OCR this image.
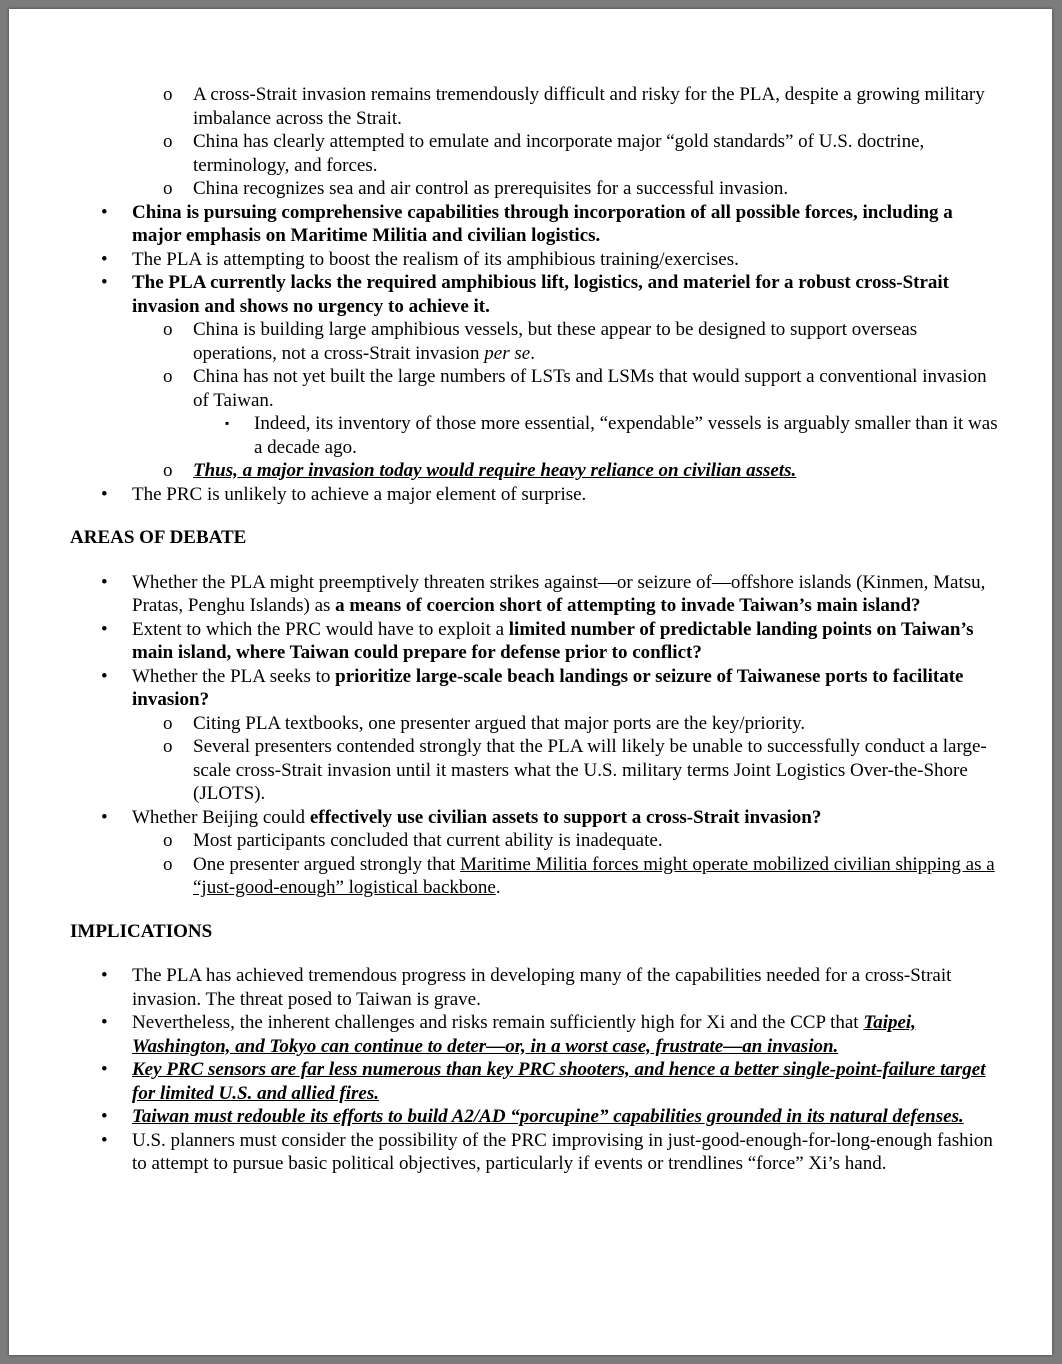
o A cross-Strait invasion remains tremendously difficult and risky for the PLA, despite a growing military imbalance across the Strait.
o China has clearly attempted to emulate and incorporate major “gold standards” of U.S. doctrine, terminology, and forces.
o China recognizes sea and air control as prerequisites for a successful invasion.
• China is pursuing comprehensive capabilities through incorporation of all possible forces, including a major emphasis on Maritime Militia and civilian logistics.
• The PLA is attempting to boost the realism of its amphibious training/exercises.
• The PLA currently lacks the required amphibious lift, logistics, and materiel for a robust cross-Strait invasion and shows no urgency to achieve it.
o China is building large amphibious vessels, but these appear to be designed to support overseas operations, not a cross-Strait invasion per se.
o China has not yet built the large numbers of LSTs and LSMs that would support a conventional invasion of Taiwan.
▪ Indeed, its inventory of those more essential, “expendable” vessels is arguably smaller than it was a decade ago.
o Thus, a major invasion today would require heavy reliance on civilian assets.
• The PRC is unlikely to achieve a major element of surprise.
AREAS OF DEBATE
• Whether the PLA might preemptively threaten strikes against—or seizure of—offshore islands (Kinmen, Matsu, Pratas, Penghu Islands) as a means of coercion short of attempting to invade Taiwan’s main island?
• Extent to which the PRC would have to exploit a limited number of predictable landing points on Taiwan’s main island, where Taiwan could prepare for defense prior to conflict?
• Whether the PLA seeks to prioritize large-scale beach landings or seizure of Taiwanese ports to facilitate invasion?
o Citing PLA textbooks, one presenter argued that major ports are the key/priority.
o Several presenters contended strongly that the PLA will likely be unable to successfully conduct a large-scale cross-Strait invasion until it masters what the U.S. military terms Joint Logistics Over-the-Shore (JLOTS).
• Whether Beijing could effectively use civilian assets to support a cross-Strait invasion?
o Most participants concluded that current ability is inadequate.
o One presenter argued strongly that Maritime Militia forces might operate mobilized civilian shipping as a “just-good-enough” logistical backbone.
IMPLICATIONS
• The PLA has achieved tremendous progress in developing many of the capabilities needed for a cross-Strait invasion. The threat posed to Taiwan is grave.
• Nevertheless, the inherent challenges and risks remain sufficiently high for Xi and the CCP that Taipei, Washington, and Tokyo can continue to deter—or, in a worst case, frustrate—an invasion.
• Key PRC sensors are far less numerous than key PRC shooters, and hence a better single-point-failure target for limited U.S. and allied fires.
• Taiwan must redouble its efforts to build A2/AD “porcupine” capabilities grounded in its natural defenses.
• U.S. planners must consider the possibility of the PRC improvising in just-good-enough-for-long-enough fashion to attempt to pursue basic political objectives, particularly if events or trendlines “force” Xi’s hand.
